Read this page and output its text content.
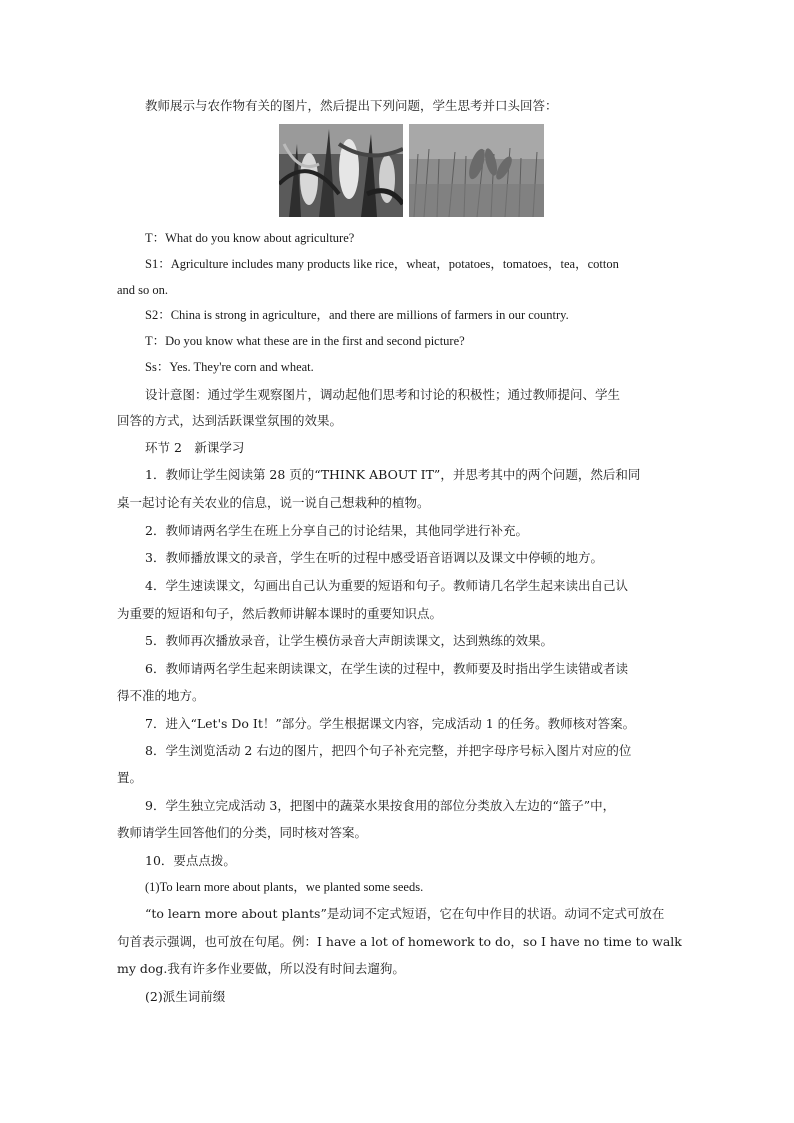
教师展示与农作物有关的图片，然后提出下列问题，学生思考并口头回答：
T：What do you know about agriculture?
S1：Agriculture includes many products like rice，wheat，potatoes，tomatoes，tea，cotton
and so on.
S2：China is strong in agriculture，and there are millions of farmers in our country.
T：Do you know what these are in the first and second picture?
Ss：Yes. They're corn and wheat.
设计意图：通过学生观察图片，调动起他们思考和讨论的积极性；通过教师提问、学生
回答的方式，达到活跃课堂氛围的效果。
环节 2　新课学习
1．教师让学生阅读第 28 页的“THINK ABOUT IT”，并思考其中的两个问题，然后和同
桌一起讨论有关农业的信息，说一说自己想栽种的植物。
2．教师请两名学生在班上分享自己的讨论结果，其他同学进行补充。
3．教师播放课文的录音，学生在听的过程中感受语音语调以及课文中停顿的地方。
4．学生速读课文，勾画出自己认为重要的短语和句子。教师请几名学生起来读出自己认
为重要的短语和句子，然后教师讲解本课时的重要知识点。
5．教师再次播放录音，让学生模仿录音大声朗读课文，达到熟练的效果。
6．教师请两名学生起来朗读课文，在学生读的过程中，教师要及时指出学生读错或者读
得不准的地方。
7．进入“Let's Do It！”部分。学生根据课文内容，完成活动 1 的任务。教师核对答案。
8．学生浏览活动 2 右边的图片，把四个句子补充完整，并把字母序号标入图片对应的位
置。
9．学生独立完成活动 3，把图中的蔬菜水果按食用的部位分类放入左边的“篮子”中，
教师请学生回答他们的分类，同时核对答案。
10．要点点拨。
(1)To learn more about plants，we planted some seeds.
“to learn more about plants”是动词不定式短语，它在句中作目的状语。动词不定式可放在
句首表示强调，也可放在句尾。例：I have a lot of homework to do，so I have no time to walk
my dog.我有许多作业要做，所以没有时间去遛狗。
(2)派生词前缀
